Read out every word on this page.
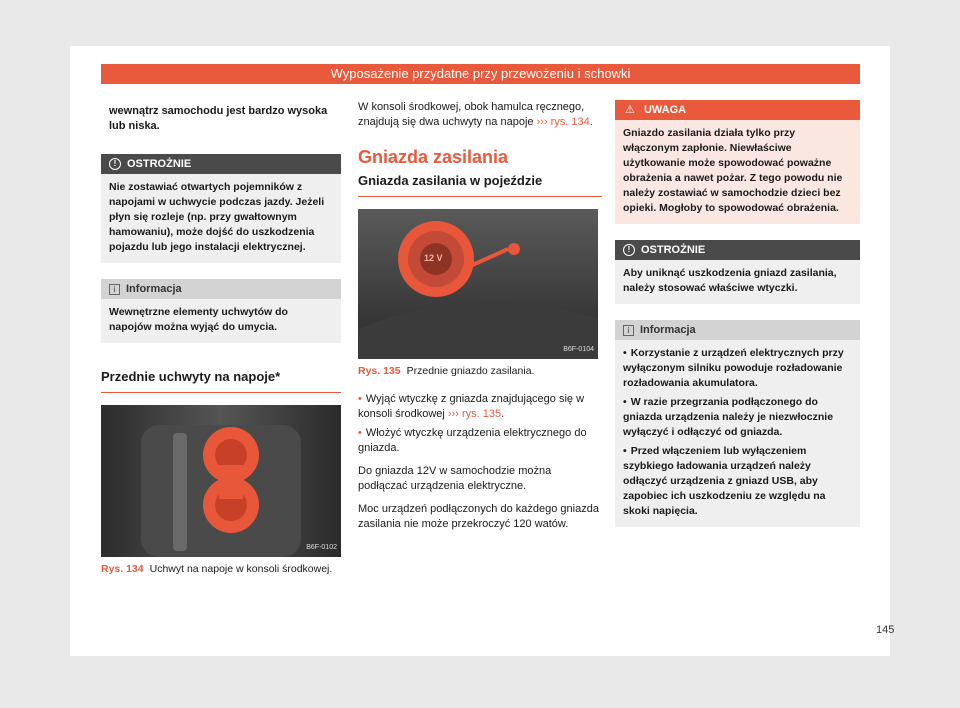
Wyposażenie przydatne przy przewożeniu i schowki
wewnątrz samochodu jest bardzo wysoka lub niska.
! OSTROŻNIE
Nie zostawiać otwartych pojemników z napojami w uchwycie podczas jazdy. Jeżeli płyn się rozleje (np. przy gwałtownym hamowaniu), może dojść do uszkodzenia pojazdu lub jego instalacji elektrycznej.
i Informacja
Wewnętrzne elementy uchwytów do napojów można wyjąć do umycia.
Przednie uchwyty na napoje*
B6F-0102
Rys. 134 Uchwyt na napoje w konsoli środkowej.
W konsoli środkowej, obok hamulca ręcznego, znajdują się dwa uchwyty na napoje ››› rys. 134.
Gniazda zasilania
Gniazda zasilania w pojeździe
12 V
B6F-0104
Rys. 135 Przednie gniazdo zasilania.
• Wyjąć wtyczkę z gniazda znajdującego się w konsoli środkowej ››› rys. 135.
• Włożyć wtyczkę urządzenia elektrycznego do gniazda.
Do gniazda 12V w samochodzie można podłączać urządzenia elektryczne.
Moc urządzeń podłączonych do każdego gniazda zasilania nie może przekroczyć 120 watów.
⚠ UWAGA
Gniazdo zasilania działa tylko przy włączonym zapłonie. Niewłaściwe użytkowanie może spowodować poważne obrażenia a nawet pożar. Z tego powodu nie należy zostawiać w samochodzie dzieci bez opieki. Mogłoby to spowodować obrażenia.
! OSTROŻNIE
Aby uniknąć uszkodzenia gniazd zasilania, należy stosować właściwe wtyczki.
i Informacja
• Korzystanie z urządzeń elektrycznych przy wyłączonym silniku powoduje rozładowanie rozładowania akumulatora.
• W razie przegrzania podłączonego do gniazda urządzenia należy je niezwłocznie wyłączyć i odłączyć od gniazda.
• Przed włączeniem lub wyłączeniem szybkiego ładowania urządzeń należy odłączyć urządzenia z gniazd USB, aby zapobiec ich uszkodzeniu ze względu na skoki napięcia.
145
